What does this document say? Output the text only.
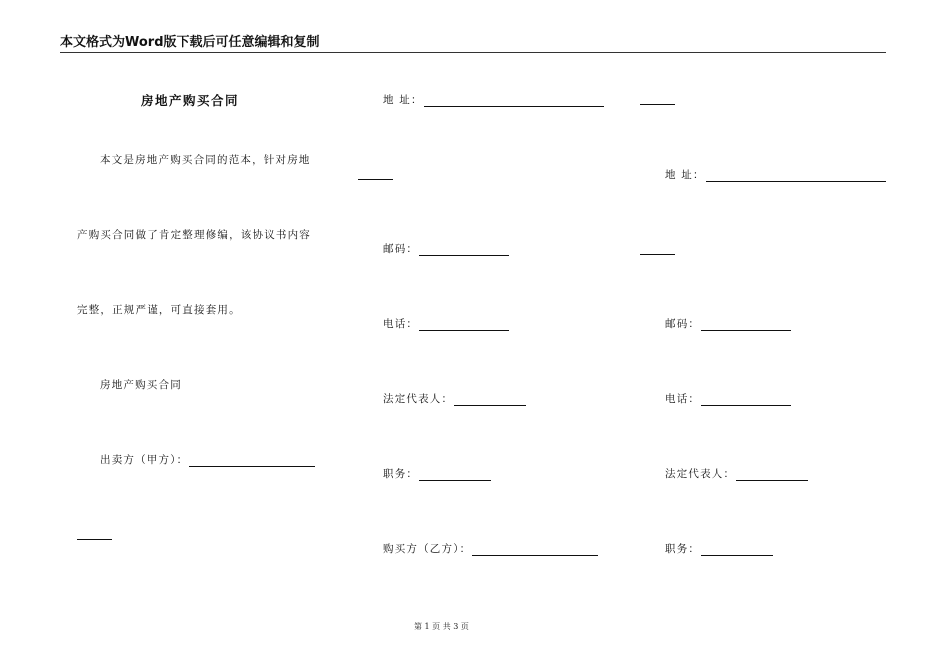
本文格式为Word版下载后可任意编辑和复制
房地产购买合同
本文是房地产购买合同的范本，针对房地
产购买合同做了肯定整理修编，该协议书内容
完整，正规严谨，可直接套用。
房地产购买合同
出卖方（甲方）：
地 址：
邮码：
电话：
法定代表人：
职务：
购买方（乙方）：
地 址：
邮码：
电话：
法定代表人：
职务：
第 1 页 共 3 页
